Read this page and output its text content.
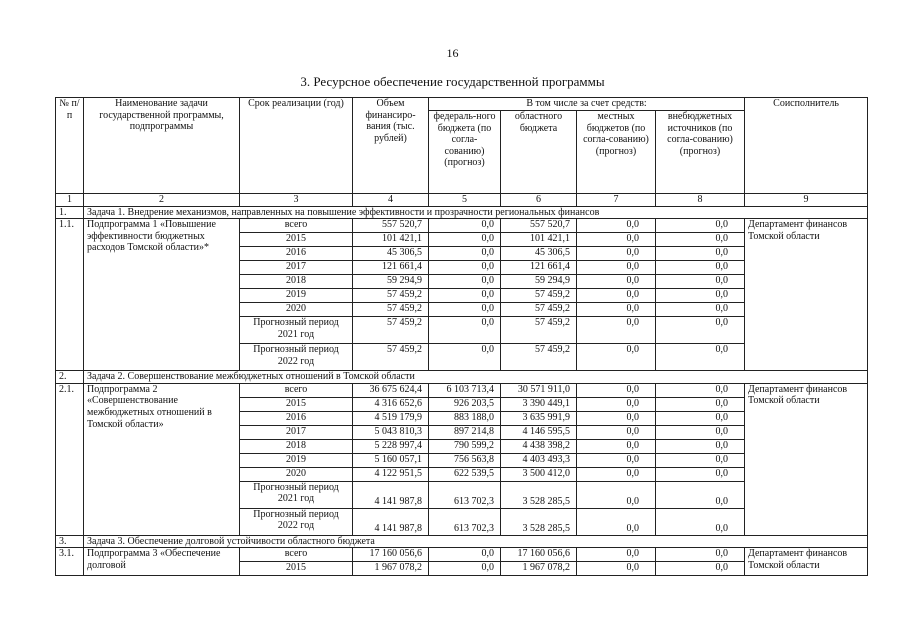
16
3. Ресурсное обеспечение государственной программы
№ п/п	Наименование задачи государственной программы, подпрограммы	Срок реализации (год)	Объем финансиро-вания (тыс. рублей)	В том числе за счет средств:				Соисполнитель
				федераль-ного бюджета (по согла-сованию) (прогноз)	областного бюджета	местных бюджетов (по согла-сованию) (прогноз)	внебюджетных источников (по согла-сованию) (прогноз)	
1	2	3	4	5	6	7	8	9
1.	Задача 1. Внедрение механизмов, направленных на повышение эффективности и прозрачности региональных финансов							
1.1.	Подпрограмма 1 «Повышение эффективности бюджетных расходов Томской области»*	всего	557 520,7	0,0	557 520,7	0,0	0,0	Департамент финансов Томской области
		2015	101 421,1	0,0	101 421,1	0,0	0,0	
		2016	45 306,5	0,0	45 306,5	0,0	0,0	
		2017	121 661,4	0,0	121 661,4	0,0	0,0	
		2018	59 294,9	0,0	59 294,9	0,0	0,0	
		2019	57 459,2	0,0	57 459,2	0,0	0,0	
		2020	57 459,2	0,0	57 459,2	0,0	0,0	
		Прогнозный период 2021 год	57 459,2	0,0	57 459,2	0,0	0,0	
		Прогнозный период 2022 год	57 459,2	0,0	57 459,2	0,0	0,0	
2.	Задача 2. Совершенствование межбюджетных отношений в Томской области							
2.1.	Подпрограмма 2 «Совершенствование межбюджетных отношений в Томской области»	всего	36 675 624,4	6 103 713,4	30 571 911,0	0,0	0,0	Департамент финансов Томской области
		2015	4 316 652,6	926 203,5	3 390 449,1	0,0	0,0	
		2016	4 519 179,9	883 188,0	3 635 991,9	0,0	0,0	
		2017	5 043 810,3	897 214,8	4 146 595,5	0,0	0,0	
		2018	5 228 997,4	790 599,2	4 438 398,2	0,0	0,0	
		2019	5 160 057,1	756 563,8	4 403 493,3	0,0	0,0	
		2020	4 122 951,5	622 539,5	3 500 412,0	0,0	0,0	
		Прогнозный период 2021 год	4 141 987,8	613 702,3	3 528 285,5	0,0	0,0	
		Прогнозный период 2022 год	4 141 987,8	613 702,3	3 528 285,5	0,0	0,0	
3.	Задача 3. Обеспечение долговой устойчивости областного бюджета							
3.1.	Подпрограмма 3 «Обеспечение долговой	всего	17 160 056,6	0,0	17 160 056,6	0,0	0,0	Департамент финансов Томской области
		2015	1 967 078,2	0,0	1 967 078,2	0,0	0,0	
